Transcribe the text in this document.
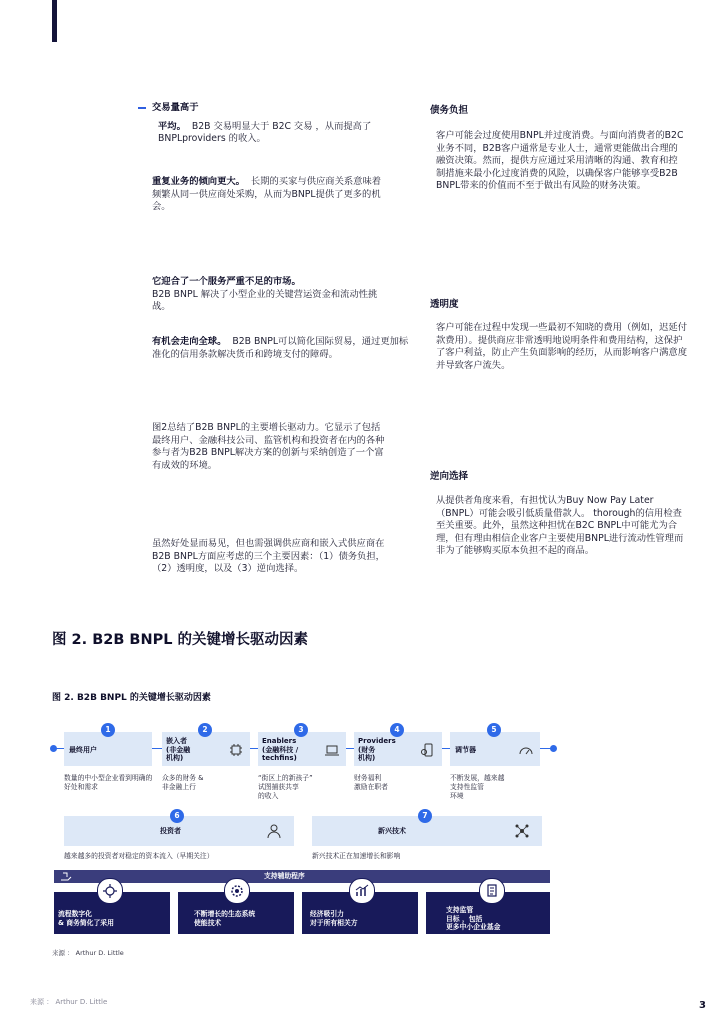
交易量高于
平均。 B2B 交易明显大于 B2C 交易 ，从而提高了 BNPLproviders 的收入。
重复业务的倾向更大。 长期的买家与供应商关系意味着频繁从同一供应商处采购，从而为BNPL提供了更多的机会。
它迎合了一个服务严重不足的市场。
B2B BNPL 解决了小型企业的关键营运资金和流动性挑战。
有机会走向全球。 B2B BNPL可以简化国际贸易，通过更加标准化的信用条款解决货币和跨境支付的障碍。
图2总结了B2B BNPL的主要增长驱动力。它显示了包括最终用户、金融科技公司、监管机构和投资者在内的各种参与者为B2B BNPL解决方案的创新与采纳创造了一个富有成效的环境。
虽然好处显而易见，但也需强调供应商和嵌入式供应商在B2B BNPL方面应考虑的三个主要因素：（1）债务负担，（2）透明度，以及（3）逆向选择。
债务负担
客户可能会过度使用BNPL并过度消费。与面向消费者的B2C业务不同，B2B客户通常是专业人士，通常更能做出合理的融资决策。然而，提供方应通过采用清晰的沟通、教育和控制措施来最小化过度消费的风险，以确保客户能够享受B2B BNPL带来的价值而不至于做出有风险的财务决策。
透明度
客户可能在过程中发现一些最初不知晓的费用（例如，迟延付款费用）。提供商应非常透明地说明条件和费用结构，这保护了客户利益，防止产生负面影响的经历，从而影响客户满意度并导致客户流失。
逆向选择
从提供者角度来看，有担忧认为Buy Now Pay Later（BNPL）可能会吸引低质量借款人。 thorough的信用检查至关重要。此外，虽然这种担忧在B2C BNPL中可能尤为合理，但有理由相信企业客户主要使用BNPL进行流动性管理而非为了能够购买原本负担不起的商品。
图 2. B2B BNPL 的关键增长驱动因素
图 2. B2B BNPL 的关键增长驱动因素
最终用户
嵌入者
(非金融
机构)
Enablers
(金融科技 /
techfins)
Providers
(财务
机构)
调节器
1	2	3	4	5
数量的中小型企业看到明确的好处和需求
众多的财务 &
非金融上行
“街区上的新孩子”
试图捕获共享
的收入
财务福利
激励在职者
不断发展，越来越
支持性监管
环境
投资者
6
新兴技术
7
越来越多的投资者对稳定的资本流入（早期关注）	新兴技术正在加速增长和影响
支持辅助程序
流程数字化
& 商务简化了采用
不断增长的生态系统
使能技术
经济吸引力
对于所有相关方
支持监管
目标 ，包括
更多中小企业基金
来源 ： Arthur D. Little
来源 ： Arthur D. Little	3
